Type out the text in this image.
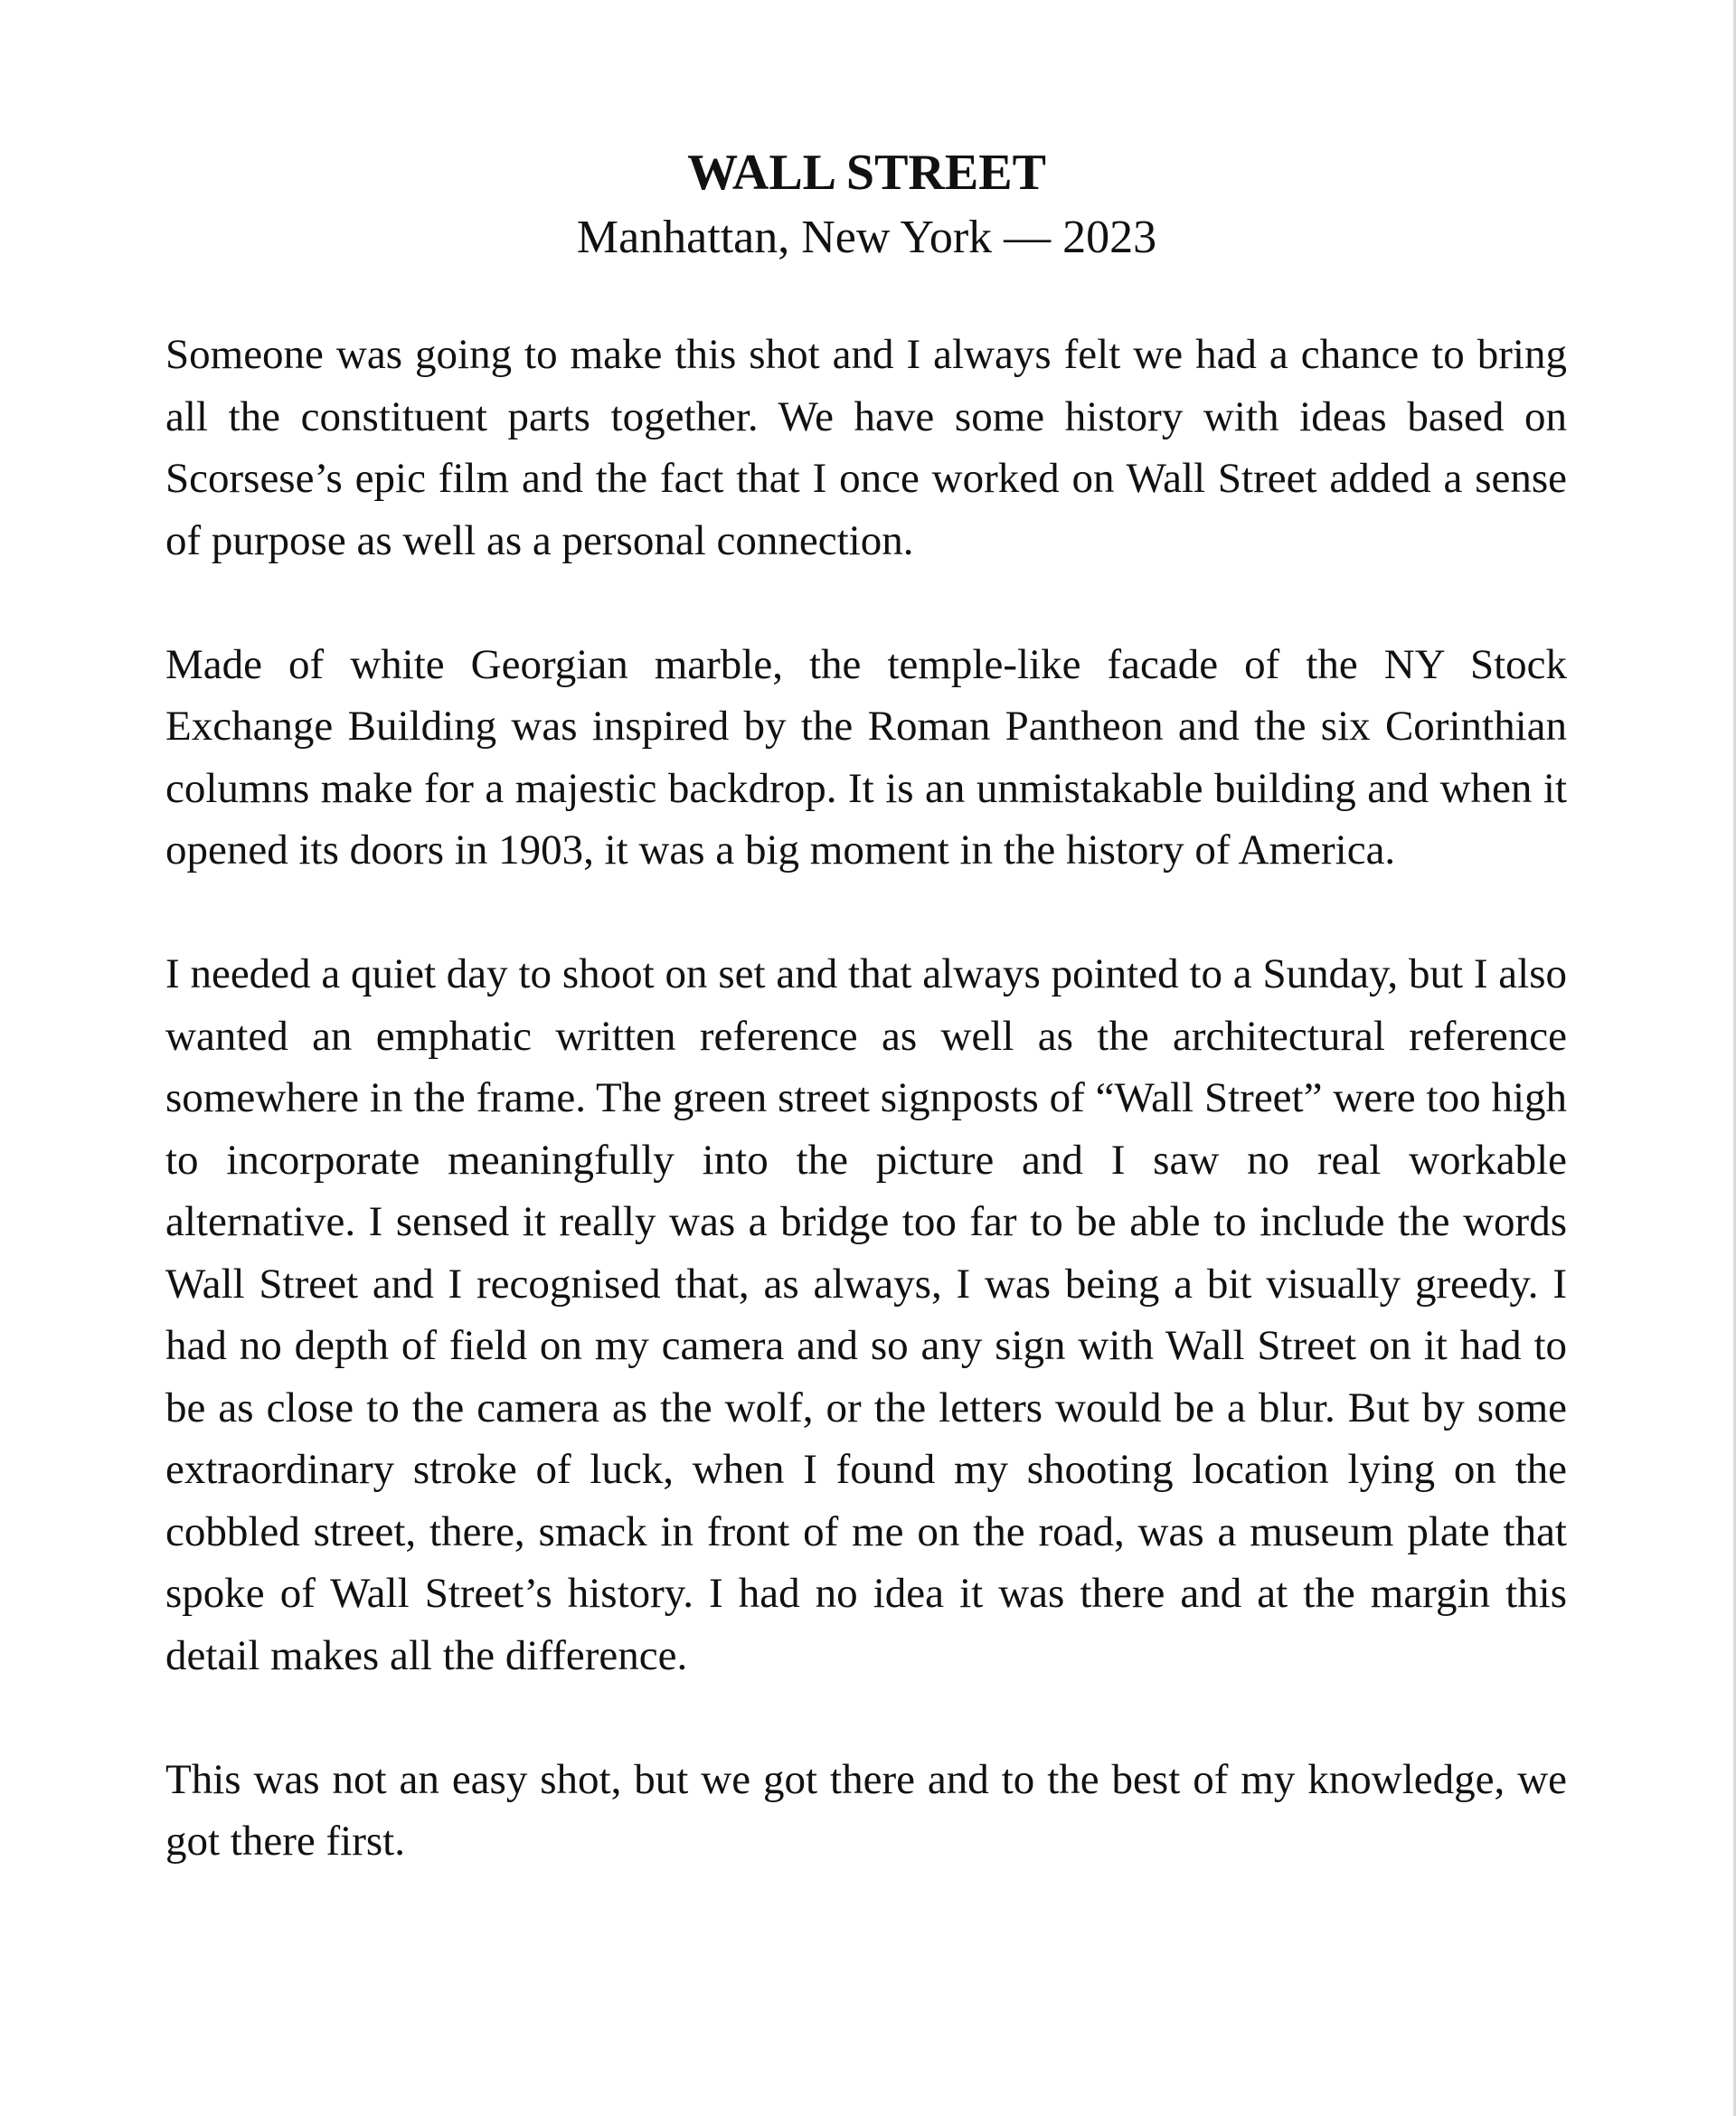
WALL STREET

Manhattan, New York — 2023

Someone was going to make this shot and I always felt we had a chance to bring all the constituent parts together. We have some history with ideas based on Scorsese’s epic film and the fact that I once worked on Wall Street added a sense of purpose as well as a personal connection.

Made of white Georgian marble, the temple-like facade of the NY Stock Exchange Building was inspired by the Roman Pantheon and the six Corinthian columns make for a majestic backdrop. It is an unmistakable building and when it opened its doors in 1903, it was a big moment in the history of America.

I needed a quiet day to shoot on set and that always pointed to a Sunday, but I also wanted an emphatic written reference as well as the architectural reference somewhere in the frame. The green street signposts of “Wall Street” were too high to incorporate meaningfully into the picture and I saw no real workable alternative. I sensed it really was a bridge too far to be able to include the words Wall Street and I recognised that, as always, I was being a bit visually greedy. I had no depth of field on my camera and so any sign with Wall Street on it had to be as close to the camera as the wolf, or the letters would be a blur. But by some extraordinary stroke of luck, when I found my shooting location lying on the cobbled street, there, smack in front of me on the road, was a museum plate that spoke of Wall Street’s history. I had no idea it was there and at the margin this detail makes all the difference.

This was not an easy shot, but we got there and to the best of my knowledge, we got there first.
